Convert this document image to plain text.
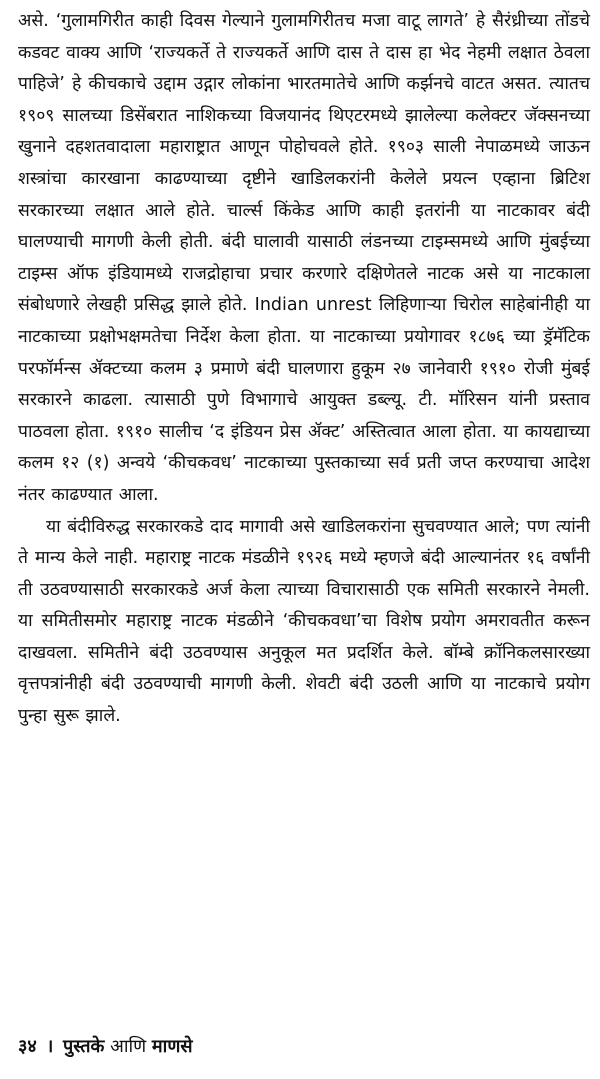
असे. ‘गुलामगिरीत काही दिवस गेल्याने गुलामगिरीतच मजा वाटू लागते’ हे सैरंध्रीच्या तोंडचे कडवट वाक्य आणि ‘राज्यकर्ते ते राज्यकर्ते आणि दास ते दास हा भेद नेहमी लक्षात ठेवला पाहिजे’ हे कीचकाचे उद्दाम उद्गार लोकांना भारतमातेचे आणि कर्झनचे वाटत असत. त्यातच १९०९ सालच्या डिसेंबरात नाशिकच्या विजयानंद थिएटरमध्ये झालेल्या कलेक्टर जॅक्सनच्या खुनाने दहशतवादाला महाराष्ट्रात आणून पोहोचवले होते. १९०३ साली नेपाळमध्ये जाऊन शस्त्रांचा कारखाना काढण्याच्या दृष्टीने खाडिलकरांनी केलेले प्रयत्न एव्हाना ब्रिटिश सरकारच्या लक्षात आले होते. चार्ल्स किंकेड आणि काही इतरांनी या नाटकावर बंदी घालण्याची मागणी केली होती. बंदी घालावी यासाठी लंडनच्या टाइम्समध्ये आणि मुंबईच्या टाइम्स ऑफ इंडियामध्ये राजद्रोहाचा प्रचार करणारे दक्षिणेतले नाटक असे या नाटकाला संबोधणारे लेखही प्रसिद्ध झाले होते. Indian unrest लिहिणाऱ्या चिरोल साहेबांनीही या नाटकाच्या प्रक्षोभक्षमतेचा निर्देश केला होता. या नाटकाच्या प्रयोगावर १८७६ च्या ड्रॅमॅटिक परफॉर्मन्स ॲक्टच्या कलम ३ प्रमाणे बंदी घालणारा हुकूम २७ जानेवारी १९१० रोजी मुंबई सरकारने काढला. त्यासाठी पुणे विभागाचे आयुक्त डब्ल्यू. टी. मॉरिसन यांनी प्रस्ताव पाठवला होता. १९१० सालीच ‘द इंडियन प्रेस ॲक्ट’ अस्तित्वात आला होता. या कायद्याच्या कलम १२ (१) अन्वये ‘कीचकवध’ नाटकाच्या पुस्तकाच्या सर्व प्रती जप्त करण्याचा आदेश नंतर काढण्यात आला.

या बंदीविरुद्ध सरकारकडे दाद मागावी असे खाडिलकरांना सुचवण्यात आले; पण त्यांनी ते मान्य केले नाही. महाराष्ट्र नाटक मंडळीने १९२६ मध्ये म्हणजे बंदी आल्यानंतर १६ वर्षांनी ती उठवण्यासाठी सरकारकडे अर्ज केला त्याच्या विचारासाठी एक समिती सरकारने नेमली. या समितीसमोर महाराष्ट्र नाटक मंडळीने ‘कीचकवधा’चा विशेष प्रयोग अमरावतीत करून दाखवला. समितीने बंदी उठवण्यास अनुकूल मत प्रदर्शित केले. बॉम्बे क्रॉनिकलसारख्या वृत्तपत्रांनीही बंदी उठवण्याची मागणी केली. शेवटी बंदी उठली आणि या नाटकाचे प्रयोग पुन्हा सुरू झाले.

३४ । पुस्तके आणि माणसे
